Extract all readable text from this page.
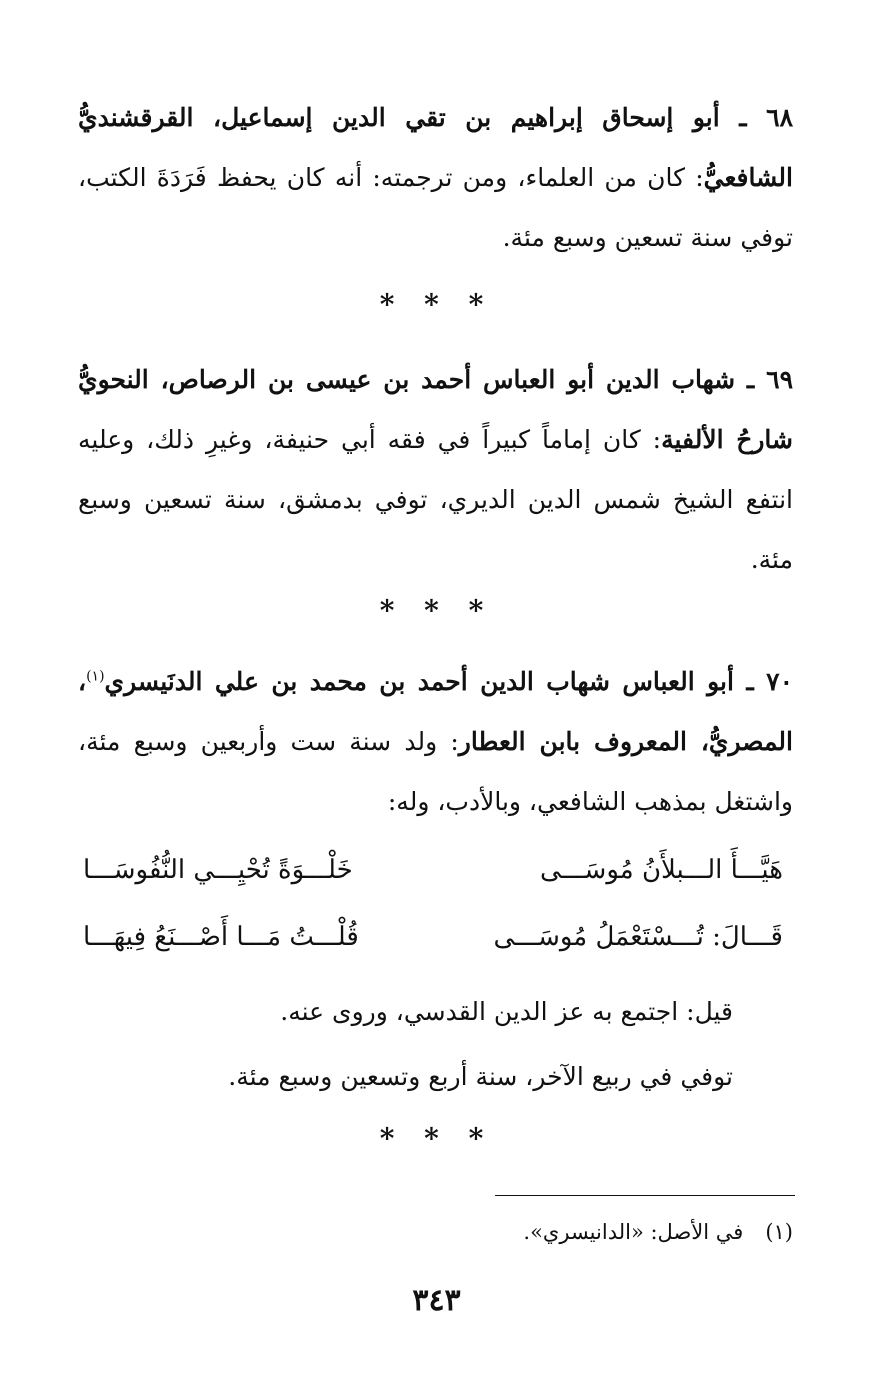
٦٨ ـ أبو إسحاق إبراهيم بن تقي الدين إسماعيل، القرقشنديُّ الشافعيُّ: كان من العلماء، ومن ترجمته: أنه كان يحفظ فَرَدَةَ الكتب، توفي سنة تسعين وسبع مئة.

* * *

٦٩ ـ شهاب الدين أبو العباس أحمد بن عيسى بن الرصاص، النحويُّ شارحُ الألفية: كان إماماً كبيراً في فقه أبي حنيفة، وغيرِ ذلك، وعليه انتفع الشيخ شمس الدين الديري، توفي بدمشق، سنة تسعين وسبع مئة.

* * *

٧٠ ـ أبو العباس شهاب الدين أحمد بن محمد بن علي الدنَيسري$^{(١)}$، المصريُّ، المعروف بابن العطار: ولد سنة ست وأربعين وسبع مئة، واشتغل بمذهب الشافعي، وبالأدب، وله:

هَيَّـــأَ الـــبلأَنُ مُوسَـــى
خَلْـــوَةً تُحْيِـــي النُّفُوسَـــا
قَـــالَ: تُـــسْتَعْمَلُ مُوسَـــى
قُلْـــتُ مَـــا أَصْـــنَعُ فِيهَـــا
قيل: اجتمع به عز الدين القدسي، وروى عنه.
توفي في ربيع الآخر، سنة أربع وتسعين وسبع مئة.
* * *
(١)في الأصل: «الدانيسري».
٣٤٣
